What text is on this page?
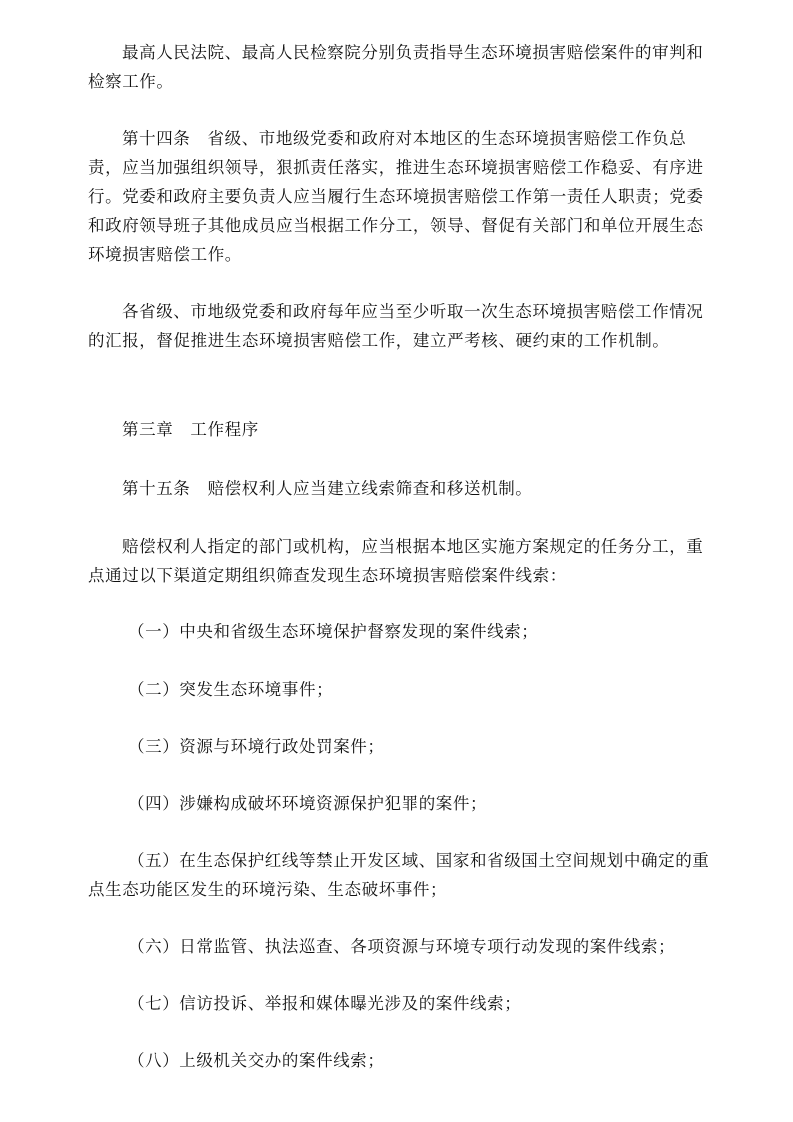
最高人民法院、最高人民检察院分别负责指导生态环境损害赔偿案件的审判和检察工作。

第十四条　省级、市地级党委和政府对本地区的生态环境损害赔偿工作负总责，应当加强组织领导，狠抓责任落实，推进生态环境损害赔偿工作稳妥、有序进行。党委和政府主要负责人应当履行生态环境损害赔偿工作第一责任人职责；党委和政府领导班子其他成员应当根据工作分工，领导、督促有关部门和单位开展生态环境损害赔偿工作。

各省级、市地级党委和政府每年应当至少听取一次生态环境损害赔偿工作情况的汇报，督促推进生态环境损害赔偿工作，建立严考核、硬约束的工作机制。

第三章　工作程序

第十五条　赔偿权利人应当建立线索筛查和移送机制。

赔偿权利人指定的部门或机构，应当根据本地区实施方案规定的任务分工，重点通过以下渠道定期组织筛查发现生态环境损害赔偿案件线索：

（一）中央和省级生态环境保护督察发现的案件线索；

（二）突发生态环境事件；

（三）资源与环境行政处罚案件；

（四）涉嫌构成破坏环境资源保护犯罪的案件；

（五）在生态保护红线等禁止开发区域、国家和省级国土空间规划中确定的重点生态功能区发生的环境污染、生态破坏事件；

（六）日常监管、执法巡查、各项资源与环境专项行动发现的案件线索；

（七）信访投诉、举报和媒体曝光涉及的案件线索；

（八）上级机关交办的案件线索；
